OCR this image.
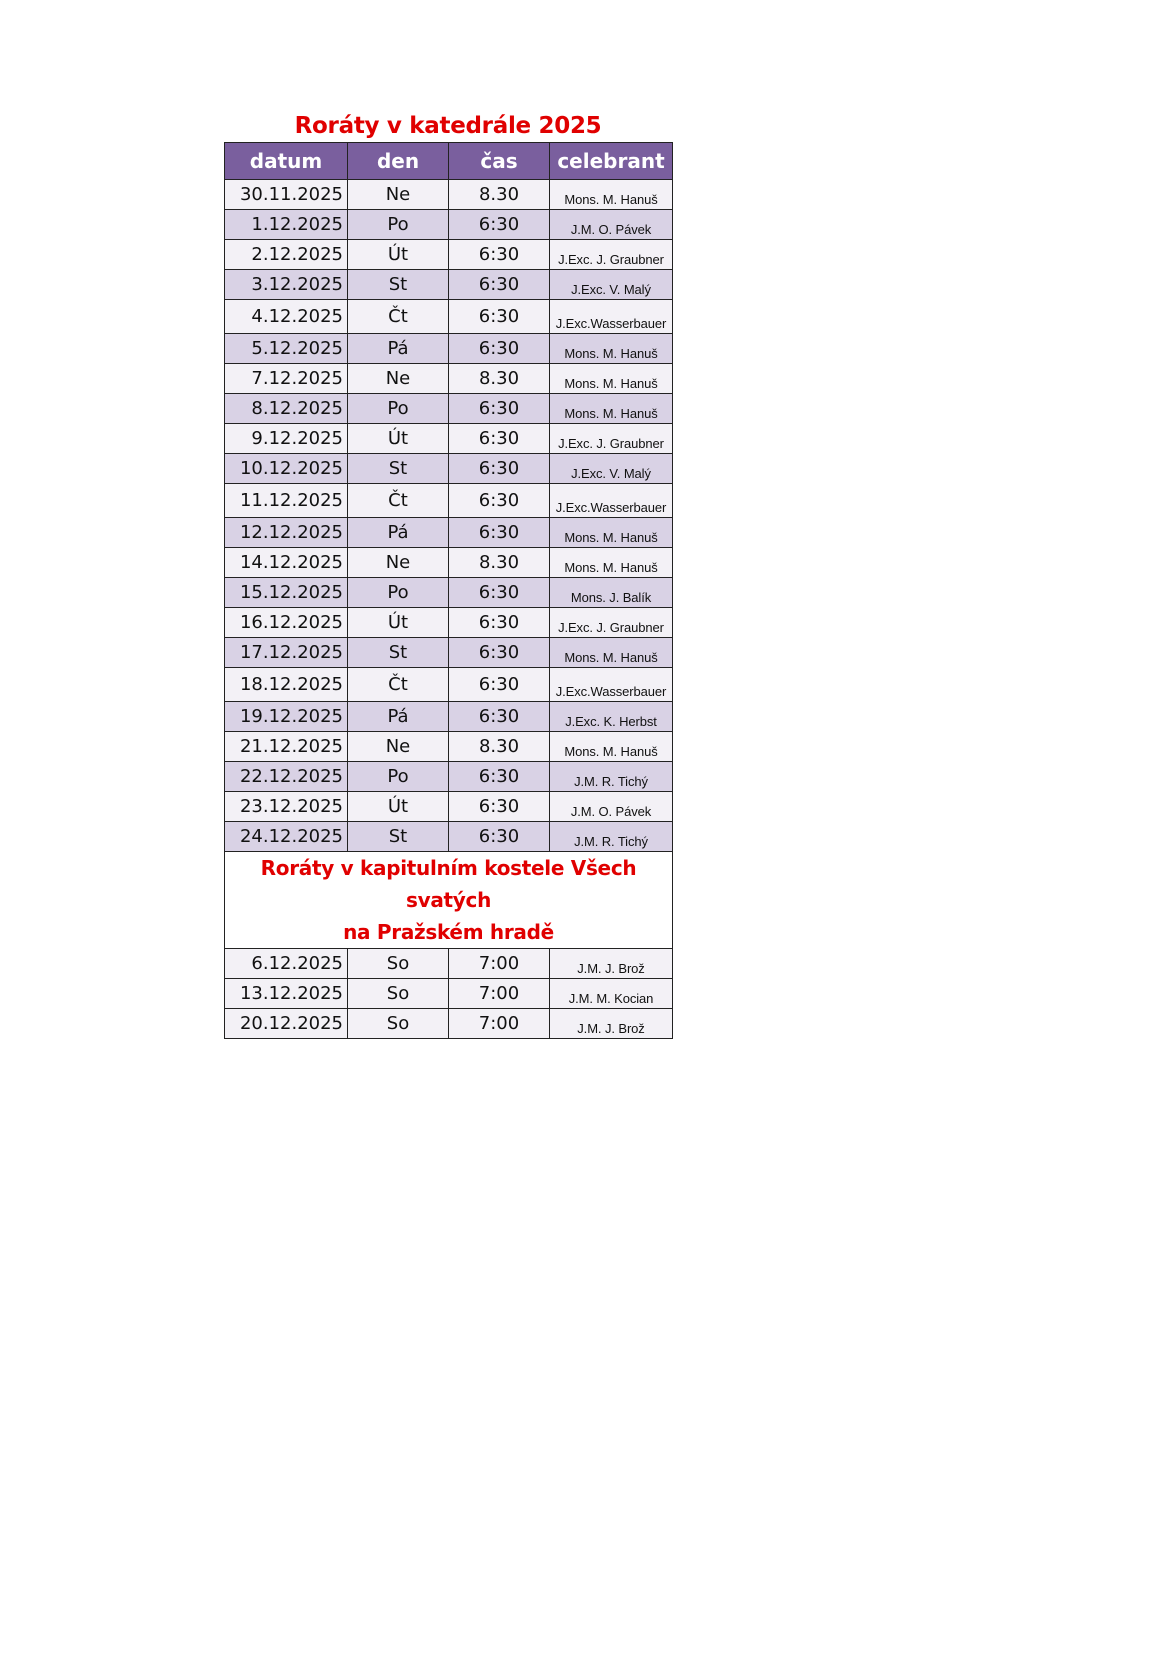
Roráty v katedrále 2025
datum	den	čas	celebrant
30.11.2025	Ne	8.30	Mons. M. Hanuš
1.12.2025	Po	6:30	J.M. O. Pávek
2.12.2025	Út	6:30	J.Exc. J. Graubner
3.12.2025	St	6:30	J.Exc. V. Malý
4.12.2025	Čt	6:30	J.Exc.Wasserbauer
5.12.2025	Pá	6:30	Mons. M. Hanuš
7.12.2025	Ne	8.30	Mons. M. Hanuš
8.12.2025	Po	6:30	Mons. M. Hanuš
9.12.2025	Út	6:30	J.Exc. J. Graubner
10.12.2025	St	6:30	J.Exc. V. Malý
11.12.2025	Čt	6:30	J.Exc.Wasserbauer
12.12.2025	Pá	6:30	Mons. M. Hanuš
14.12.2025	Ne	8.30	Mons. M. Hanuš
15.12.2025	Po	6:30	Mons. J. Balík
16.12.2025	Út	6:30	J.Exc. J. Graubner
17.12.2025	St	6:30	Mons. M. Hanuš
18.12.2025	Čt	6:30	J.Exc.Wasserbauer
19.12.2025	Pá	6:30	J.Exc. K. Herbst
21.12.2025	Ne	8.30	Mons. M. Hanuš
22.12.2025	Po	6:30	J.M. R. Tichý
23.12.2025	Út	6:30	J.M. O. Pávek
24.12.2025	St	6:30	J.M. R. Tichý

Roráty v kapitulním kostele Všech svatých
na Pražském hradě			

6.12.2025	So	7:00	J.M. J. Brož
13.12.2025	So	7:00	J.M. M. Kocian
20.12.2025	So	7:00	J.M. J. Brož
